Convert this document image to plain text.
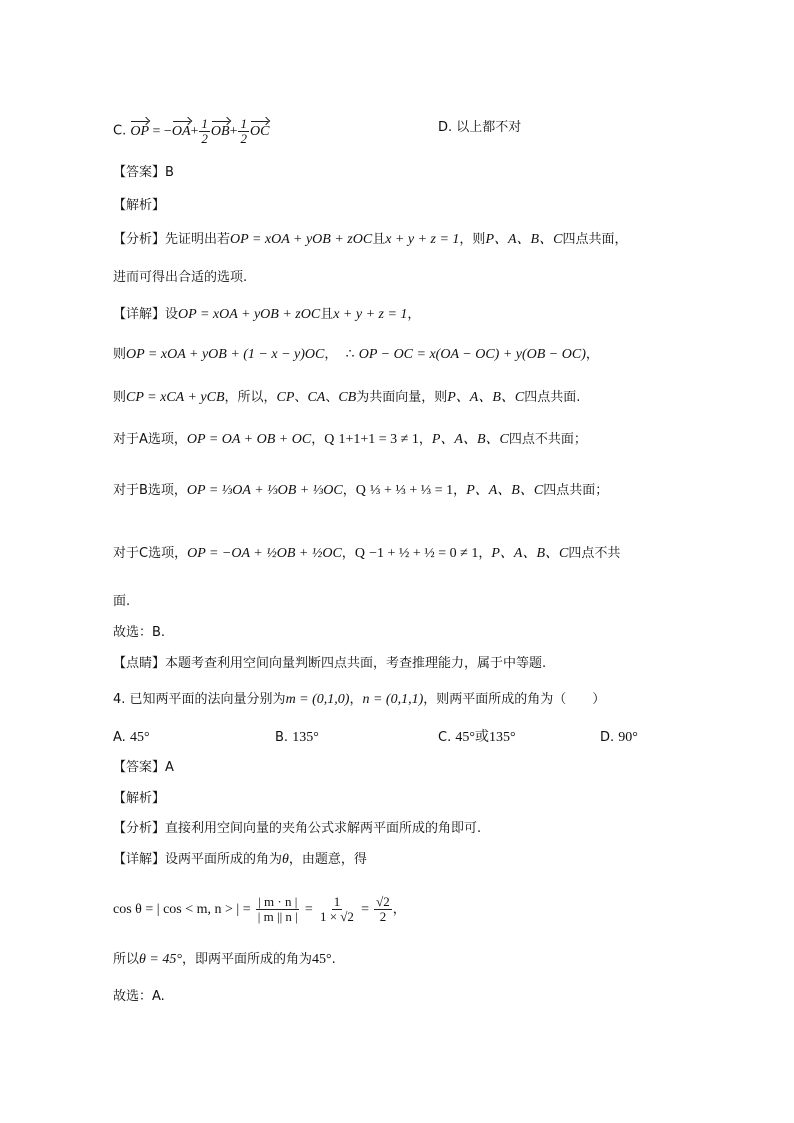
C. OP = $-OA+ \frac{1}{2} OB+ \frac{1}{2}$ OC	D. 以上都不对
【答案】B
【解析】
【分析】先证明出若OP = xOA + yOB + zOC且x + y + z = 1，则P、A、B、C四点共面，
进而可得出合适的选项.
【详解】设OP = xOA + yOB + zOC且x + y + z = 1，
则OP = xOA + yOB + (1 − x − y)OC， ∴ OP − OC = x(OA − OC) + y(OB − OC)，
则CP = xCA + yCB，所以，CP、CA、CB为共面向量，则P、A、B、C四点共面.
对于A选项，OP = OA + OB + OC，Q 1+1+1 = 3 ≠ 1，P、A、B、C四点不共面；
对于B选项，OP = ⅓OA + ⅓OB + ⅓OC，Q ⅓ + ⅓ + ⅓ = 1，P、A、B、C四点共面；
对于C选项，OP = −OA + ½OB + ½OC，Q −1 + ½ + ½ = 0 ≠ 1，P、A、B、C四点不共
面.
故选：B.
【点睛】本题考查利用空间向量判断四点共面，考查推理能力，属于中等题.
4. 已知两平面的法向量分别为m = (0,1,0)，n = (0,1,1)，则两平面所成的角为（　　）
A. 45°	B. 135°	C. 45°或135°	D. 90°
【答案】A
【解析】
【分析】直接利用空间向量的夹角公式求解两平面所成的角即可.
【详解】设两平面所成的角为θ，由题意，得
cos θ = | cos < m, n > | = $\frac{| m \cdot n |}{| m || n |} = \frac{1}{1 \times √2} = \frac{√2}{2}$ ，
所以θ = 45°，即两平面所成的角为45°.
故选：A.
